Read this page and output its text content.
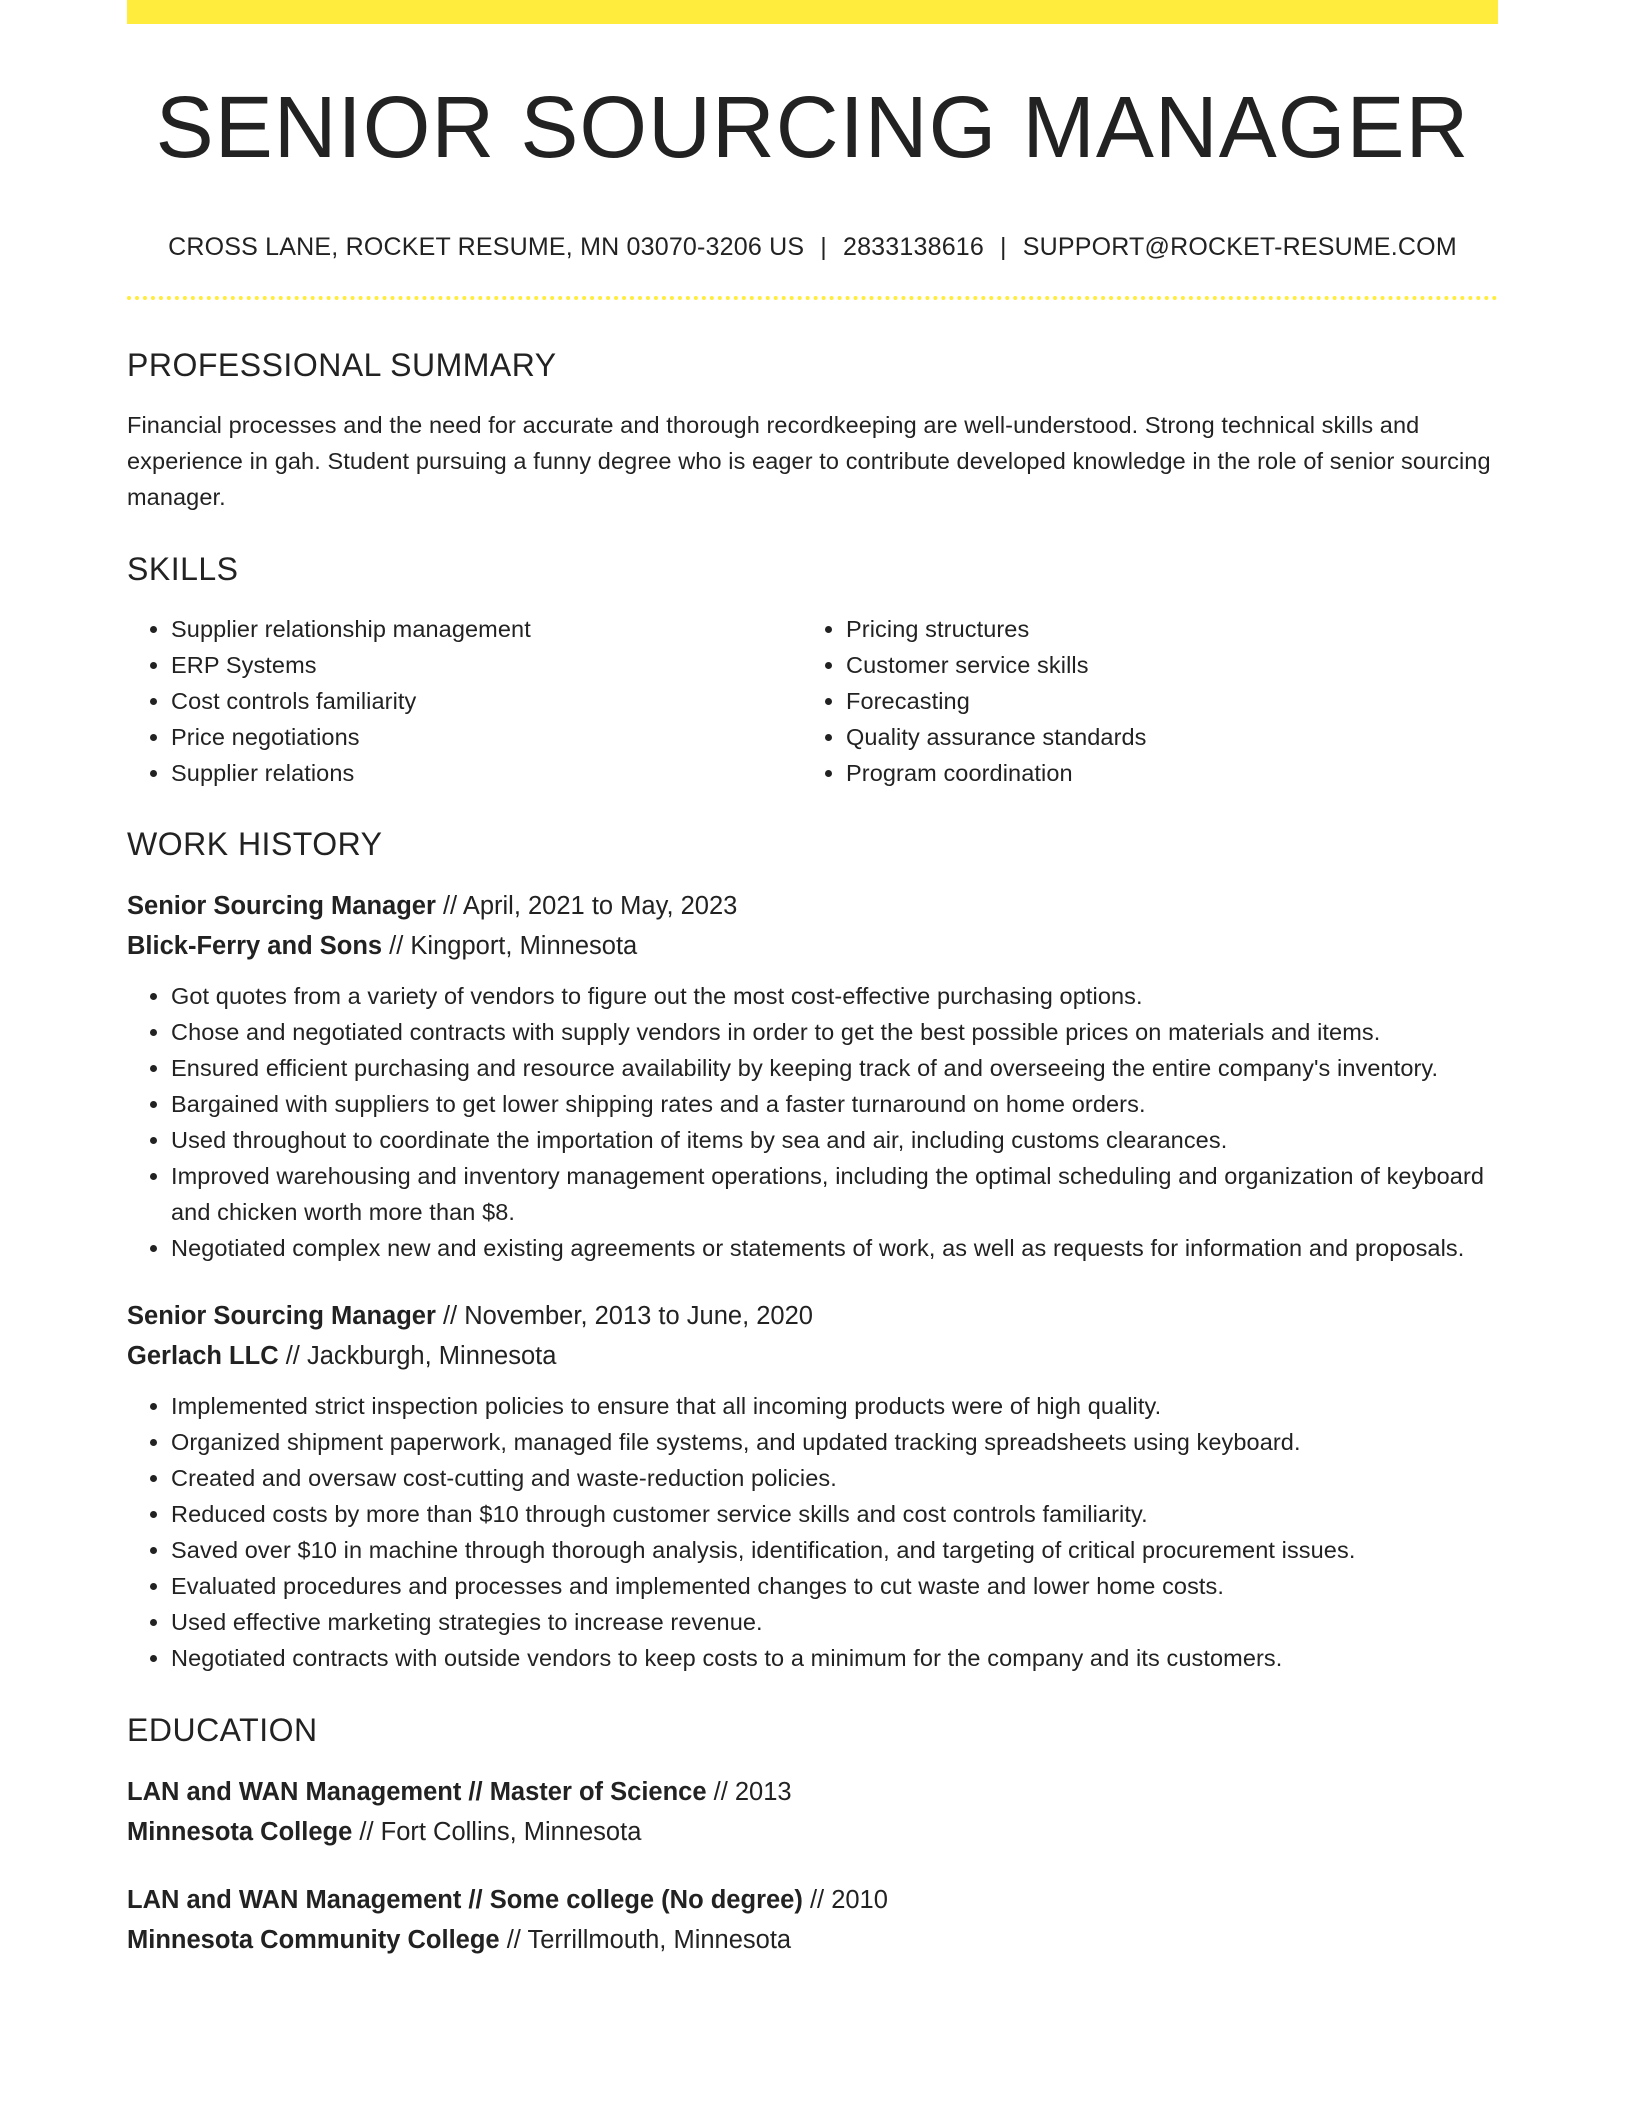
SENIOR SOURCING MANAGER
CROSS LANE, ROCKET RESUME, MN 03070-3206 US | 2833138616 | SUPPORT@ROCKET-RESUME.COM
PROFESSIONAL SUMMARY
Financial processes and the need for accurate and thorough recordkeeping are well-understood. Strong technical skills and experience in gah. Student pursuing a funny degree who is eager to contribute developed knowledge in the role of senior sourcing manager.
SKILLS
• Supplier relationship management
• ERP Systems
• Cost controls familiarity
• Price negotiations
• Supplier relations
• Pricing structures
• Customer service skills
• Forecasting
• Quality assurance standards
• Program coordination
WORK HISTORY
Senior Sourcing Manager // April, 2021 to May, 2023
Blick-Ferry and Sons // Kingport, Minnesota
• Got quotes from a variety of vendors to figure out the most cost-effective purchasing options.
• Chose and negotiated contracts with supply vendors in order to get the best possible prices on materials and items.
• Ensured efficient purchasing and resource availability by keeping track of and overseeing the entire company's inventory.
• Bargained with suppliers to get lower shipping rates and a faster turnaround on home orders.
• Used throughout to coordinate the importation of items by sea and air, including customs clearances.
• Improved warehousing and inventory management operations, including the optimal scheduling and organization of keyboard and chicken worth more than $8.
• Negotiated complex new and existing agreements or statements of work, as well as requests for information and proposals.
Senior Sourcing Manager // November, 2013 to June, 2020
Gerlach LLC // Jackburgh, Minnesota
• Implemented strict inspection policies to ensure that all incoming products were of high quality.
• Organized shipment paperwork, managed file systems, and updated tracking spreadsheets using keyboard.
• Created and oversaw cost-cutting and waste-reduction policies.
• Reduced costs by more than $10 through customer service skills and cost controls familiarity.
• Saved over $10 in machine through thorough analysis, identification, and targeting of critical procurement issues.
• Evaluated procedures and processes and implemented changes to cut waste and lower home costs.
• Used effective marketing strategies to increase revenue.
• Negotiated contracts with outside vendors to keep costs to a minimum for the company and its customers.
EDUCATION
LAN and WAN Management // Master of Science // 2013
Minnesota College // Fort Collins, Minnesota
LAN and WAN Management // Some college (No degree) // 2010
Minnesota Community College // Terrillmouth, Minnesota
